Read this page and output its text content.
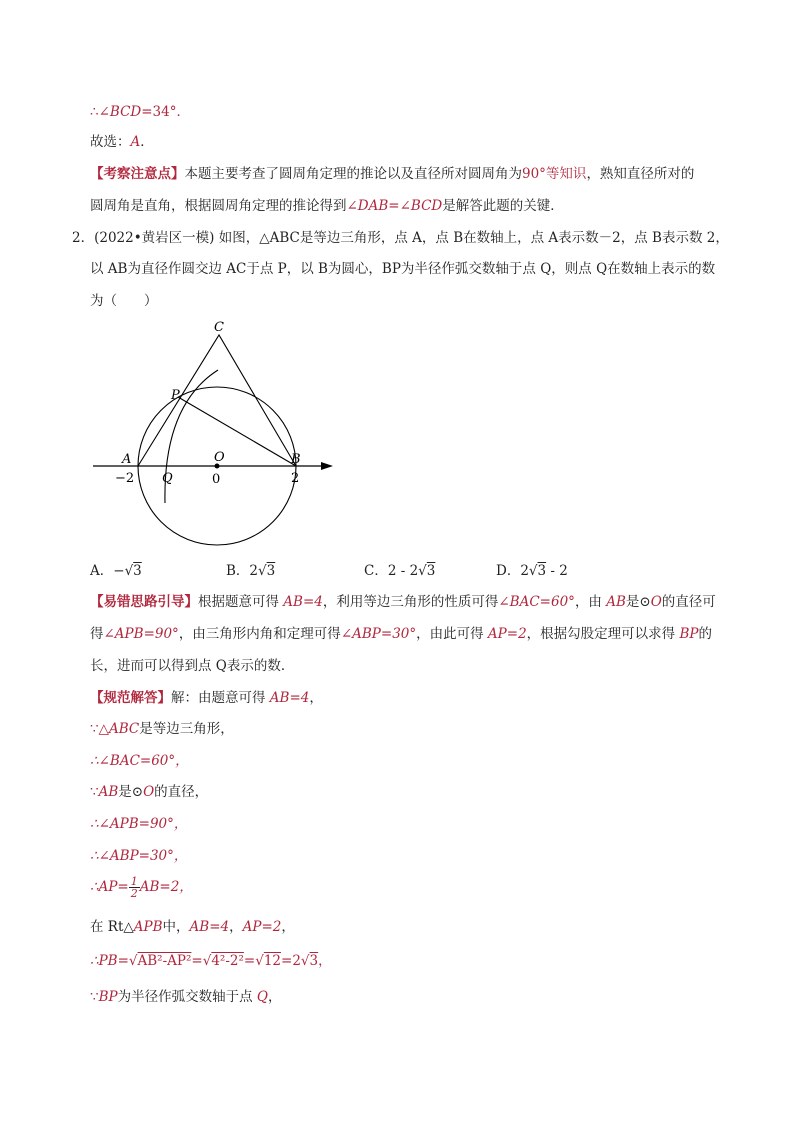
∴∠BCD=34°．
故选：A．
【考察注意点】本题主要考查了圆周角定理的推论以及直径所对圆周角为90°等知识，熟知直径所对的
圆周角是直角，根据圆周角定理的推论得到∠DAB=∠BCD是解答此题的关键．
2．(2022•黄岩区一模) 如图，△ABC是等边三角形，点 A，点 B在数轴上，点 A表示数－2，点 B表示数 2，
以 AB为直径作圆交边 AC于点 P，以 B为圆心，BP为半径作弧交数轴于点 Q，则点 Q在数轴上表示的数
为（　　）
C
P
A	O	B
Q
−2	0	2
A．−√3	B．2√3	C．2 - 2√3	D．2√3 - 2
【易错思路引导】根据题意可得 AB=4，利用等边三角形的性质可得∠BAC=60°，由 AB是⊙O的直径可
得∠APB=90°，由三角形内角和定理可得∠ABP=30°，由此可得 AP=2，根据勾股定理可以求得 BP的
长，进而可以得到点 Q表示的数．
【规范解答】解：由题意可得 AB=4，
∵△ABC是等边三角形，
∴∠BAC=60°，
∵AB是⊙O的直径，
∴∠APB=90°，
∴∠ABP=30°，
∴AP= $\frac{1}{2} AB=2$，
在 Rt△APB中，AB=4，AP=2，
∴PB=√AB²-AP²=√4²-2²=√12=2√3，
∵BP为半径作弧交数轴于点 Q，
